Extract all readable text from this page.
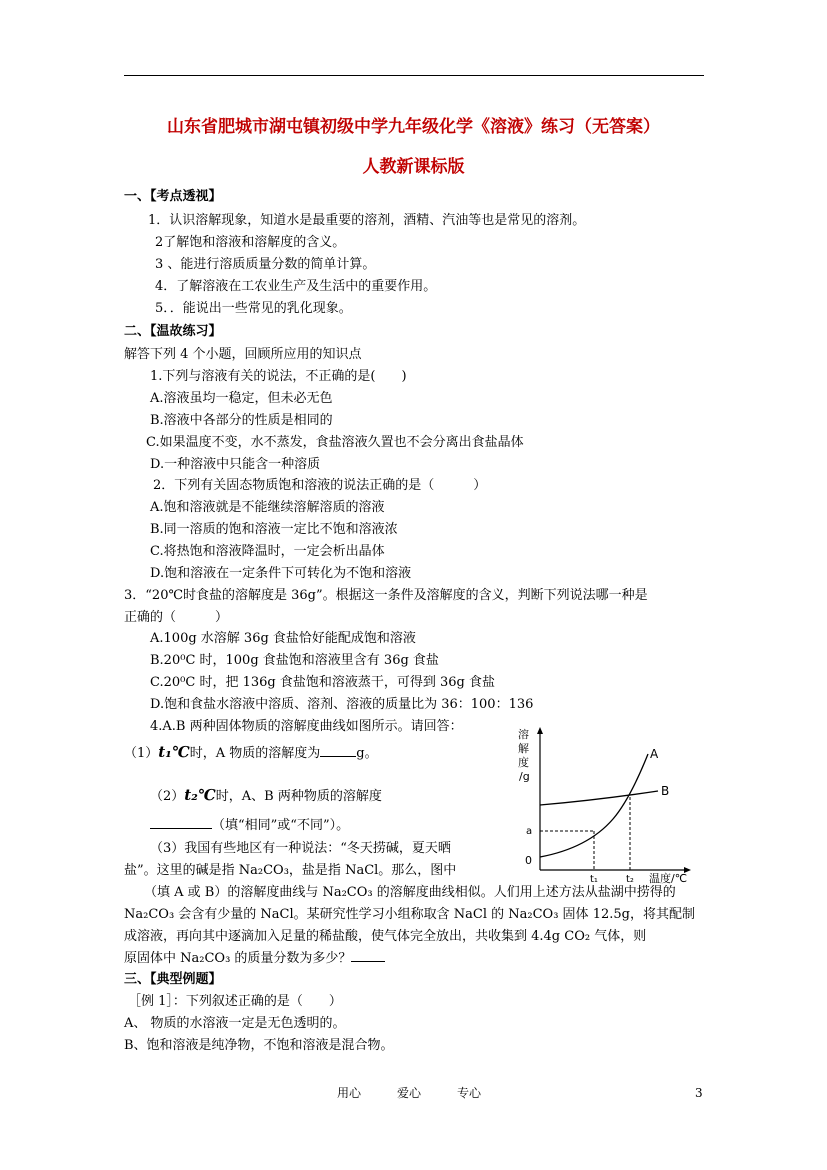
山东省肥城市湖屯镇初级中学九年级化学《溶液》练习（无答案）
人教新课标版
一、【考点透视】
1．认识溶解现象，知道水是最重要的溶剂，酒精、汽油等也是常见的溶剂。
2了解饱和溶液和溶解度的含义。
3 、能进行溶质质量分数的简单计算。
4．了解溶液在工农业生产及生活中的重要作用。
5．．能说出一些常见的乳化现象。
二、【温故练习】
解答下列 4 个小题，回顾所应用的知识点
1.下列与溶液有关的说法，不正确的是(　　)
A.溶液虽均一稳定，但未必无色
B.溶液中各部分的性质是相同的
C.如果温度不变，水不蒸发，食盐溶液久置也不会分离出食盐晶体
D.一种溶液中只能含一种溶质
2．下列有关固态物质饱和溶液的说法正确的是（　　　）
A.饱和溶液就是不能继续溶解溶质的溶液
B.同一溶质的饱和溶液一定比不饱和溶液浓
C.将热饱和溶液降温时，一定会析出晶体
D.饱和溶液在一定条件下可转化为不饱和溶液
3．“20℃时食盐的溶解度是 36g”。根据这一条件及溶解度的含义，判断下列说法哪一种是
正确的（　　　）
A.100g 水溶解 36g 食盐恰好能配成饱和溶液
B.20⁰C 时，100g 食盐饱和溶液里含有 36g 食盐
C.20⁰C 时，把 136g 食盐饱和溶液蒸干，可得到 36g 食盐
D.饱和食盐水溶液中溶质、溶剂、溶液的质量比为 36：100：136
4.A.B 两种固体物质的溶解度曲线如图所示。请回答：
（1）t₁℃时，A 物质的溶解度为	g。
（2）t₂℃时，A、B 两种物质的溶解度
（填“相同”或“不同”）。
（3）我国有些地区有一种说法：“冬天捞碱，夏天晒
盐”。这里的碱是指 Na₂CO₃，盐是指 NaCl。那么，图中
（填 A 或 B）的溶解度曲线与 Na₂CO₃ 的溶解度曲线相似。人们用上述方法从盐湖中捞得的
Na₂CO₃ 会含有少量的 NaCl。某研究性学习小组称取含 NaCl 的 Na₂CO₃ 固体 12.5g，将其配制
成溶液，再向其中逐滴加入足量的稀盐酸，使气体完全放出，共收集到 4.4g CO₂ 气体，则
原固体中 Na₂CO₃ 的质量分数为多少？
三、【典型例题】
［例 1］：下列叙述正确的是（　　）
A、 物质的水溶液一定是无色透明的。
B、饱和溶液是纯净物，不饱和溶液是混合物。
溶
解
度
/g
0
a
A
B
t₁	t₂ 温度/℃
用心　　　爱心　　　专心	3
